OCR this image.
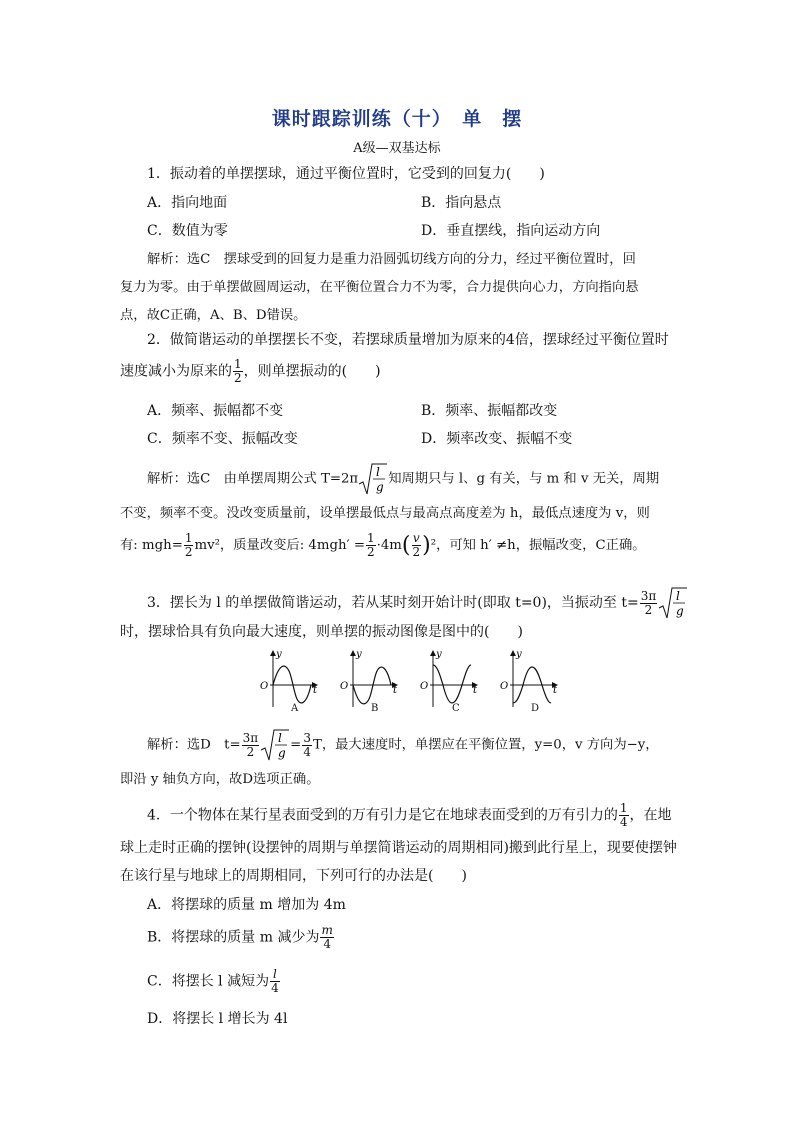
课时跟踪训练（十）　单　摆
A级—双基达标
1．振动着的单摆摆球，通过平衡位置时，它受到的回复力(　　)
A．指向地面	B．指向悬点
C．数值为零	D．垂直摆线，指向运动方向
解析：选C　摆球受到的回复力是重力沿圆弧切线方向的分力，经过平衡位置时，回
复力为零。由于单摆做圆周运动，在平衡位置合力不为零，合力提供向心力，方向指向悬
点，故C正确，A、B、D错误。
2．做简谐运动的单摆摆长不变，若摆球质量增加为原来的4倍，摆球经过平衡位置时
速度减小为原来的 $\frac{1}{2}$ ，则单摆振动的(　　)
A．频率、振幅都不变	B．频率、振幅都改变
C．频率不变、振幅改变	D．频率改变、振幅不变
解析：选C　由单摆周期公式 T=2π l
g
知周期只与 l、g 有关，与 m 和 v 无关，周期
不变，频率不变。没改变质量前，设单摆最低点与最高点高度差为 h，最低点速度为 v，则
有: $mgh= \frac{1}{2} mv^2$，质量改变后: $4mgh' = \frac{1}{2} \cdot 4m( \frac{v}{2} )^2$，可知 h′ ≠h，振幅改变，C正确。
3．摆长为 l 的单摆做简谐运动，若从某时刻开始计时(即取 t=0)，当振动至 $t= \frac{3\pi}{2}$ l
g
时，摆球恰具有负向最大速度，则单摆的振动图像是图中的(　　)
y
t
O
y
t
O
y
t
O
y
t
O
A	B	C	D
解析：选D　$t= \frac{3\pi}{2}$ l
g
= $\frac{3}{4}$ T，最大速度时，单摆应在平衡位置，y=0，v 方向为−y，
即沿 y 轴负方向，故D选项正确。
4．一个物体在某行星表面受到的万有引力是它在地球表面受到的万有引力的 $\frac{1}{4}$ ，在地
球上走时正确的摆钟(设摆钟的周期与单摆简谐运动的周期相同)搬到此行星上，现要使摆钟
在该行星与地球上的周期相同，下列可行的办法是(　　)
A．将摆球的质量 m 增加为 4m
B．将摆球的质量 m 减少为 $\frac{m}{4}$
C．将摆长 l 减短为 $\frac{l}{4}$
D．将摆长 l 增长为 4l
